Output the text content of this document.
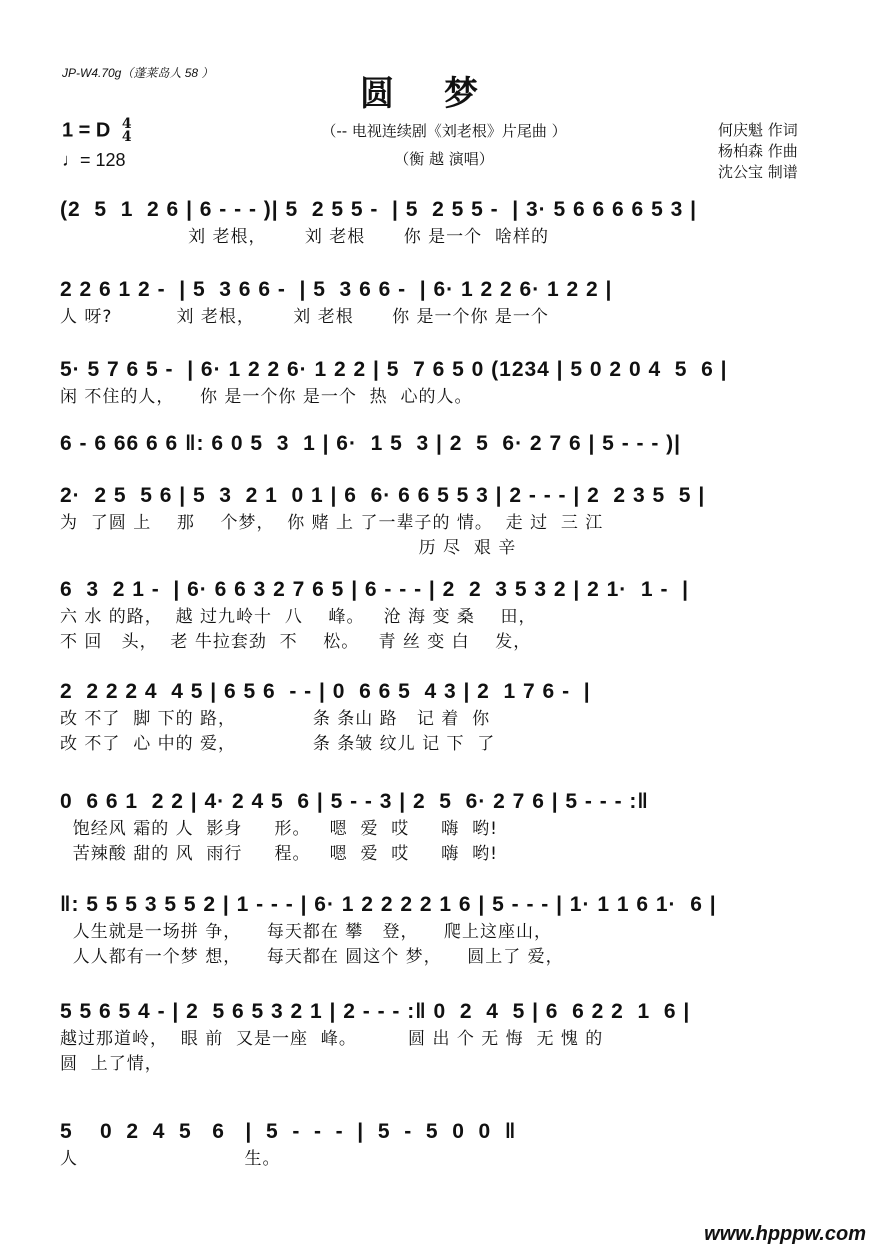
JP-W4.70g（蓬莱岛人 58 ）
圆梦
1 = D 4
4
♩= 128
（-- 电视连续剧《刘老根》片尾曲 ）
（衡 越 演唱）
何庆魁 作词
杨柏森 作曲
沈公宝 制谱
(2  5  1  2 6 | 6 - - - )| 5  2 5 5 -  | 5  2 5 5 -  | 3· 5 6 6 6 6 5 3 |
刘 老根，      刘 老根      你 是一个  啥样的
2 2 6 1 2 -  | 5  3 6 6 -  | 5  3 6 6 -  | 6· 1 2 2 6· 1 2 2 |
人 呀?          刘 老根，      刘 老根      你 是一个你 是一个
5· 5 7 6 5 -  | 6· 1 2 2 6· 1 2 2 | 5  7 6 5 0 (1234 | 5 0 2 0 4  5  6 |
闲 不住的人，    你 是一个你 是一个  热  心的人。
6 - 6 66 6 6 ‖: 6 0 5  3  1 | 6·  1 5  3 | 2  5  6· 2 7 6 | 5 - - - )|
2·  2 5  5 6 | 5  3  2 1  0 1 | 6  6· 6 6 5 5 3 | 2 - - - | 2  2 3 5  5 |
为  了圆 上    那    个梦，  你 赌 上 了一辈子的 情。  走 过  三 江
历 尽  艰 辛
6  3  2 1 -  | 6· 6 6 3 2 7 6 5 | 6 - - - | 2  2  3 5 3 2 | 2 1·  1 -  |
六 水 的路，  越 过九岭十  八    峰。   沧 海 变 桑    田，
不 回   头，  老 牛拉套劲  不    松。   青 丝 变 白    发，
2  2 2 2 4  4 5 | 6 5 6  - - | 0  6 6 5  4 3 | 2  1 7 6 -  |
改 不了  脚 下的 路，            条 条山 路   记 着  你
改 不了  心 中的 爱，            条 条皱 纹儿 记 下  了
0  6 6 1  2 2 | 4· 2 4 5  6 | 5 - - 3 | 2  5  6· 2 7 6 | 5 - - - :‖
饱经风 霜的 人  影身     形。   嗯  爱  哎     嗨  哟!
苦辣酸 甜的 风  雨行     程。   嗯  爱  哎     嗨  哟!
‖: 5 5 5 3 5 5 2 | 1 - - - | 6· 1 2 2 2 2 1 6 | 5 - - - | 1· 1 1 6 1·  6 |
人生就是一场拼 争，    每天都在 攀   登，    爬上这座山，
人人都有一个梦 想，    每天都在 圆这个 梦，    圆上了 爱，
5 5 6 5 4 - | 2  5 6 5 3 2 1 | 2 - - - :‖ 0  2  4  5 | 6  6 2 2  1  6 |
越过那道岭，  眼 前  又是一座  峰。        圆 出 个 无 悔  无 愧 的
圆  上了情，
5    0  2  4  5   6   |  5  -  -  -  |  5  -  5  0  0  ‖
人                          生。
www.hpppw.com
